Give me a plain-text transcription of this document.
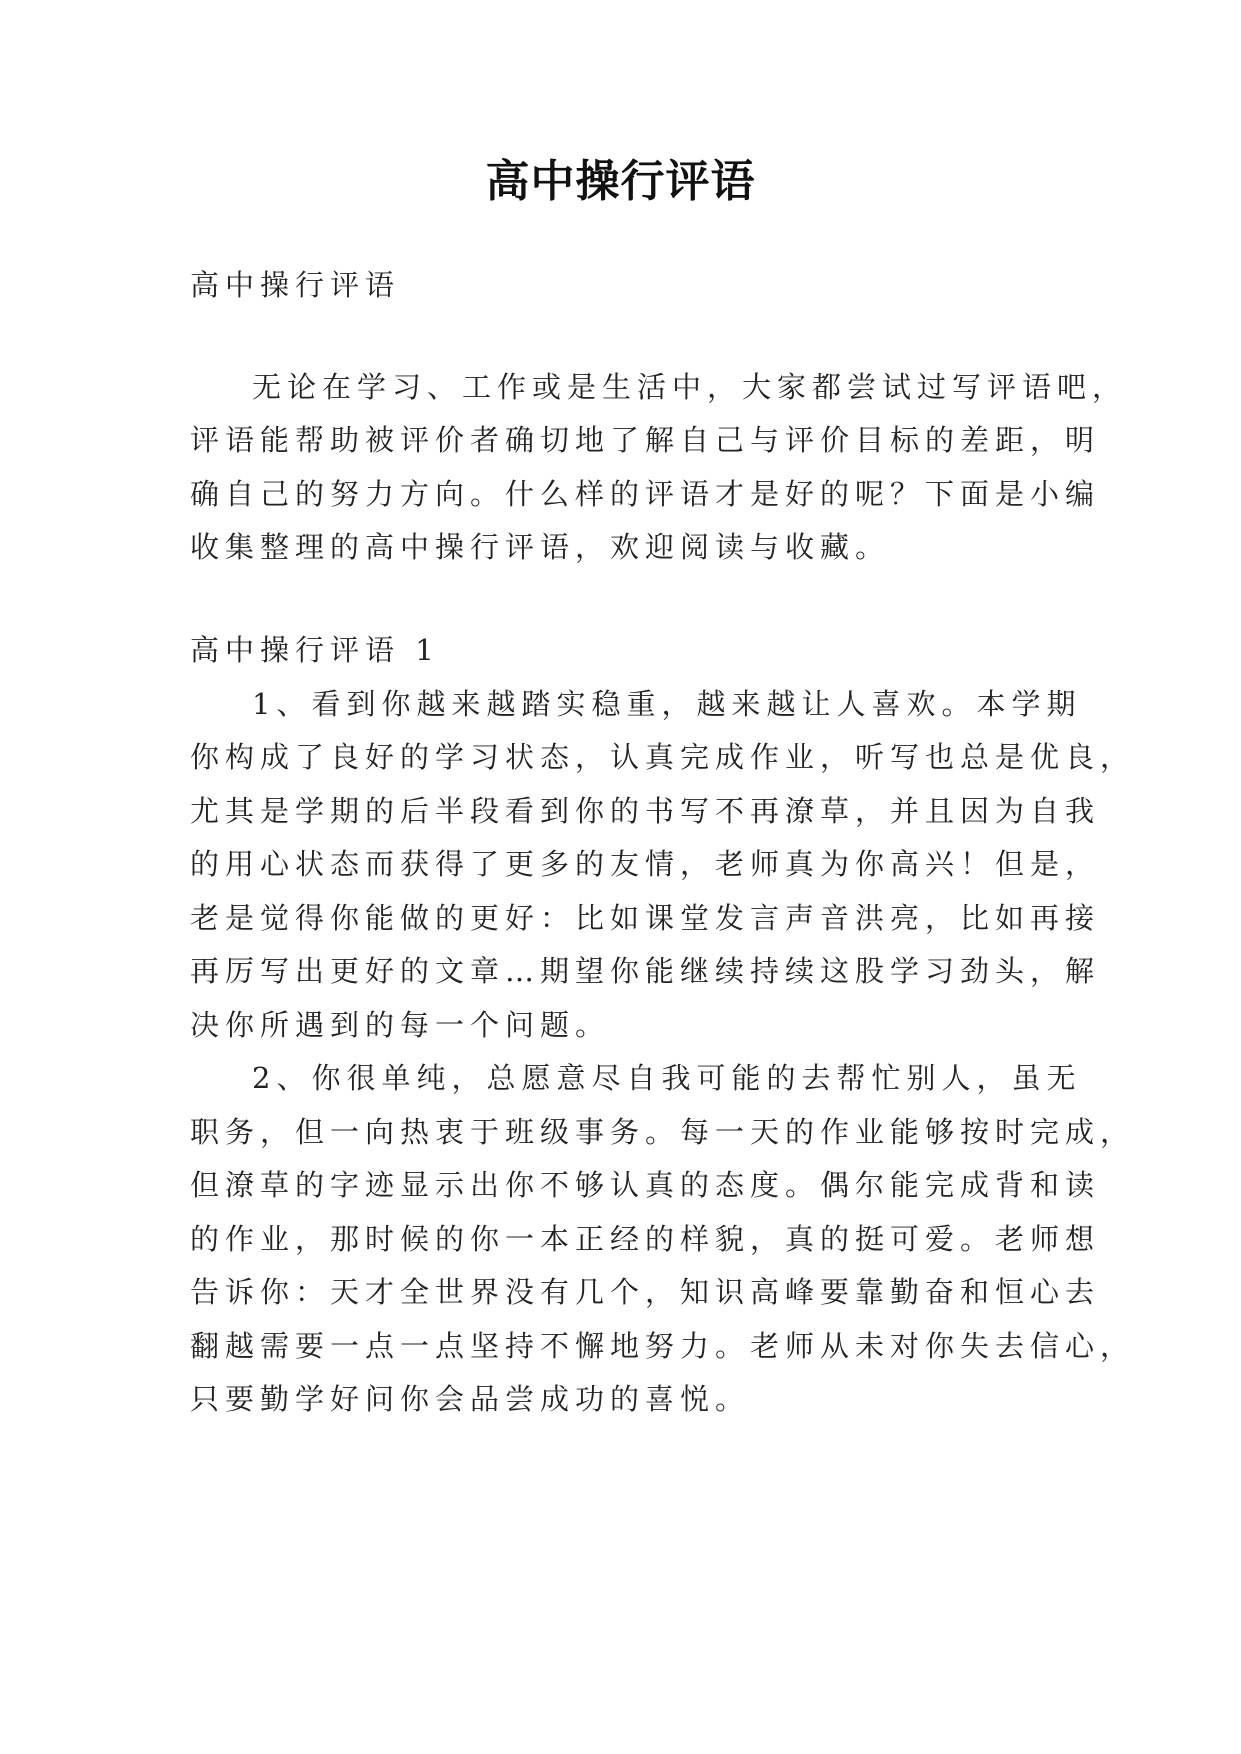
高中操行评语

高中操行评语

无论在学习、工作或是生活中，大家都尝试过写评语吧，

评语能帮助被评价者确切地了解自己与评价目标的差距，明

确自己的努力方向。什么样的评语才是好的呢？下面是小编

收集整理的高中操行评语，欢迎阅读与收藏。

高中操行评语 1

1、看到你越来越踏实稳重，越来越让人喜欢。本学期

你构成了良好的学习状态，认真完成作业，听写也总是优良，

尤其是学期的后半段看到你的书写不再潦草，并且因为自我

的用心状态而获得了更多的友情，老师真为你高兴！但是，

老是觉得你能做的更好：比如课堂发言声音洪亮，比如再接

再厉写出更好的文章…期望你能继续持续这股学习劲头，解

决你所遇到的每一个问题。

2、你很单纯，总愿意尽自我可能的去帮忙别人，虽无

职务，但一向热衷于班级事务。每一天的作业能够按时完成，

但潦草的字迹显示出你不够认真的态度。偶尔能完成背和读

的作业，那时候的你一本正经的样貌，真的挺可爱。老师想

告诉你：天才全世界没有几个，知识高峰要靠勤奋和恒心去

翻越需要一点一点坚持不懈地努力。老师从未对你失去信心，

只要勤学好问你会品尝成功的喜悦。
